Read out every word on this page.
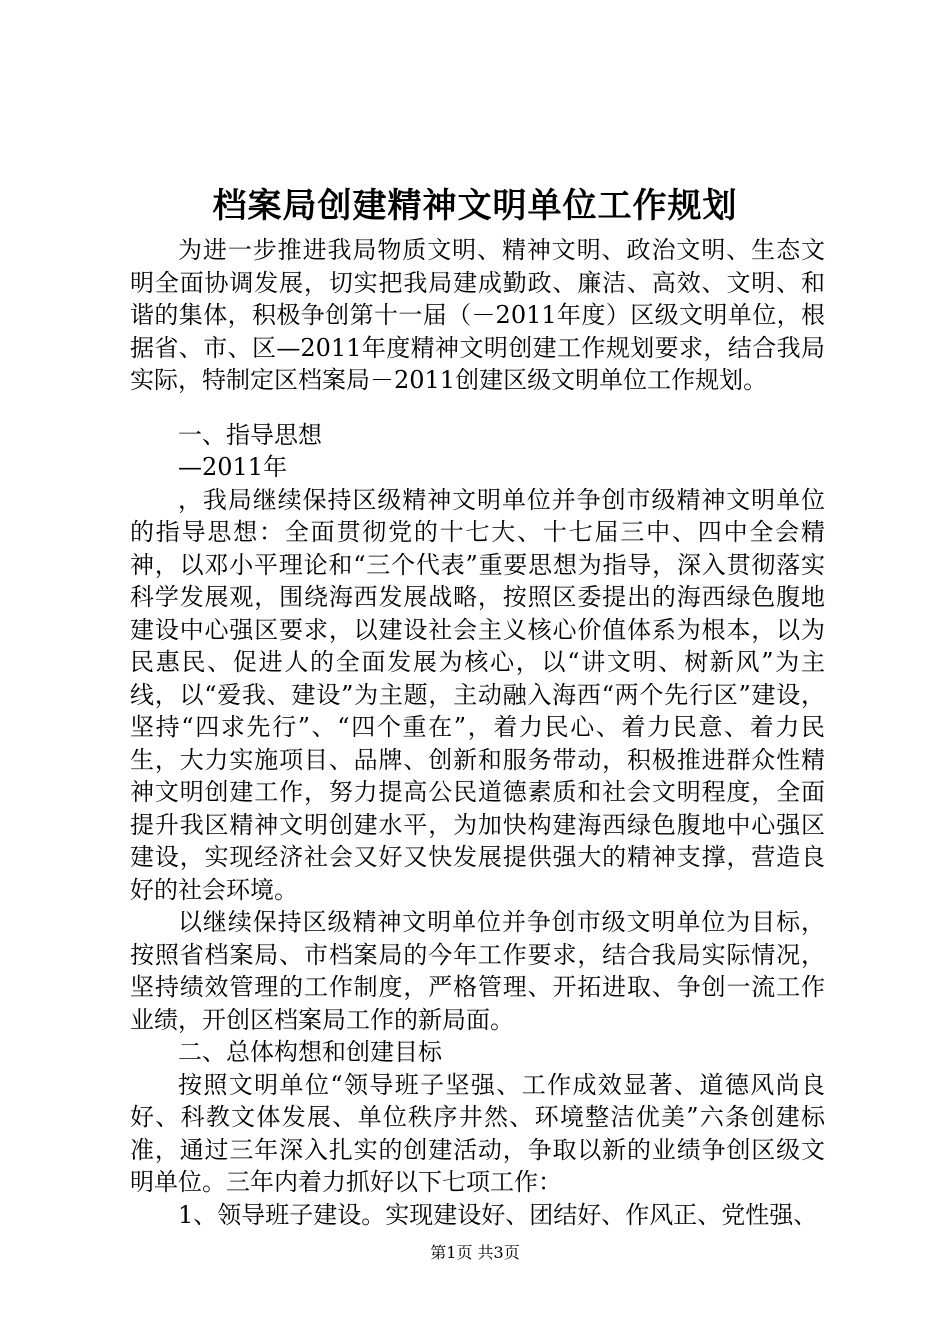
档案局创建精神文明单位工作规划

为进一步推进我局物质文明、精神文明、政治文明、生态文明全面协调发展，切实把我局建成勤政、廉洁、高效、文明、和谐的集体，积极争创第十一届（－2011年度）区级文明单位，根据省、市、区—2011年度精神文明创建工作规划要求，结合我局实际，特制定区档案局－2011创建区级文明单位工作规划。

一、指导思想

—2011年

，我局继续保持区级精神文明单位并争创市级精神文明单位的指导思想：全面贯彻党的十七大、十七届三中、四中全会精神，以邓小平理论和“三个代表”重要思想为指导，深入贯彻落实科学发展观，围绕海西发展战略，按照区委提出的海西绿色腹地建设中心强区要求，以建设社会主义核心价值体系为根本，以为民惠民、促进人的全面发展为核心，以“讲文明、树新风”为主线，以“爱我、建设”为主题，主动融入海西“两个先行区”建设，坚持“四求先行”、“四个重在”，着力民心、着力民意、着力民生，大力实施项目、品牌、创新和服务带动，积极推进群众性精神文明创建工作，努力提高公民道德素质和社会文明程度，全面提升我区精神文明创建水平，为加快构建海西绿色腹地中心强区建设，实现经济社会又好又快发展提供强大的精神支撑，营造良好的社会环境。

以继续保持区级精神文明单位并争创市级文明单位为目标，按照省档案局、市档案局的今年工作要求，结合我局实际情况，坚持绩效管理的工作制度，严格管理、开拓进取、争创一流工作业绩，开创区档案局工作的新局面。

二、总体构想和创建目标

按照文明单位“领导班子坚强、工作成效显著、道德风尚良好、科教文体发展、单位秩序井然、环境整洁优美”六条创建标准，通过三年深入扎实的创建活动，争取以新的业绩争创区级文明单位。三年内着力抓好以下七项工作：

1、领导班子建设。实现建设好、团结好、作风正、党性强、

第1页 共3页
